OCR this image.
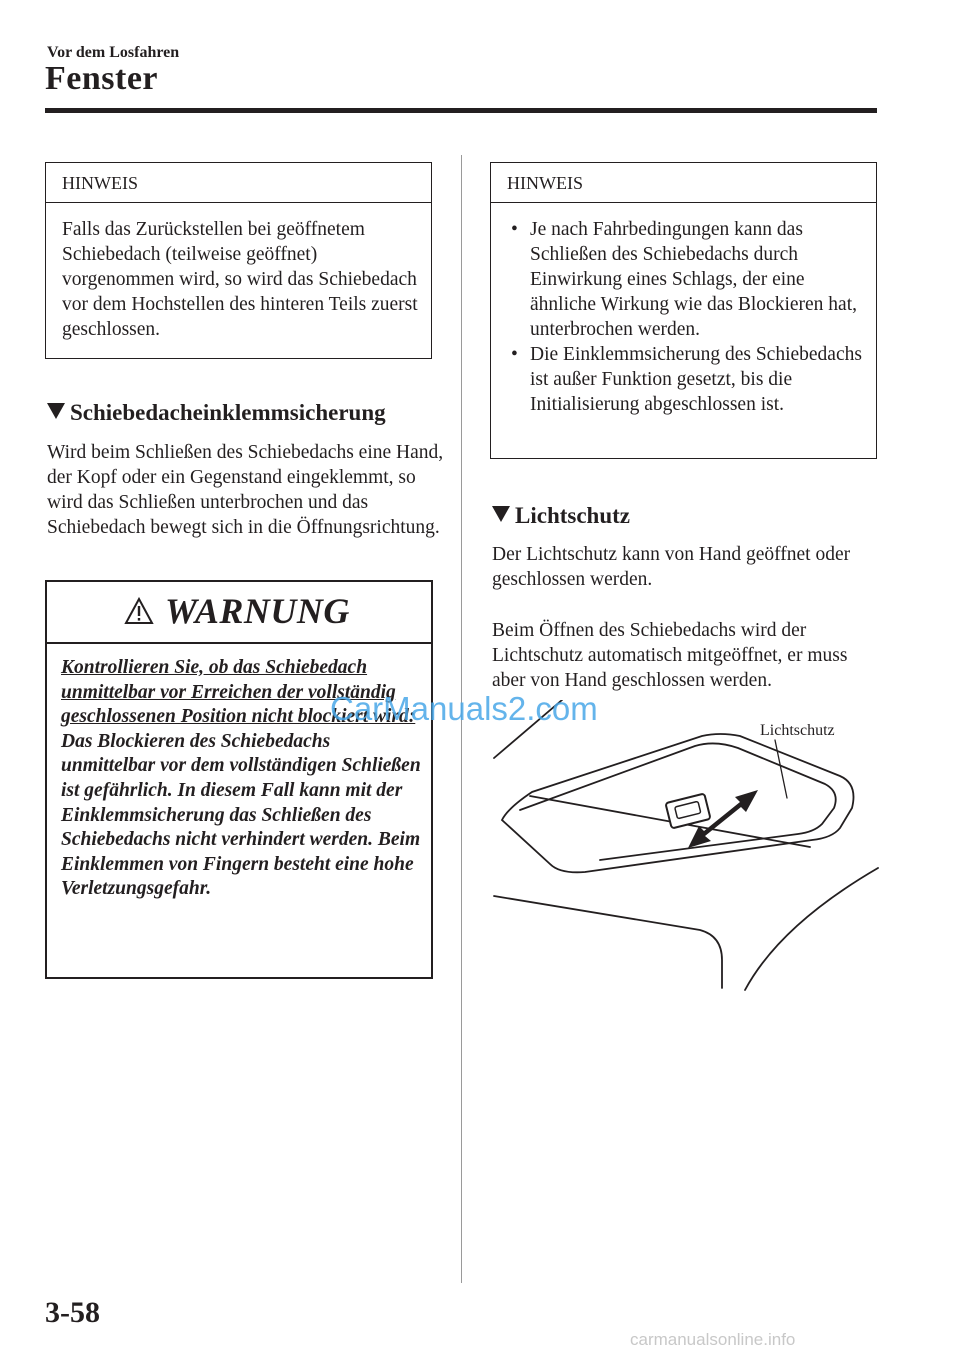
Vor dem Losfahren
Fenster
HINWEIS
Falls das Zurückstellen bei geöffnetem Schiebedach (teilweise geöffnet) vorgenommen wird, so wird das Schiebedach vor dem Hochstellen des hinteren Teils zuerst geschlossen.
Schiebedacheinklemmsicherung
Wird beim Schließen des Schiebedachs eine Hand, der Kopf oder ein Gegenstand eingeklemmt, so wird das Schließen unterbrochen und das Schiebedach bewegt sich in die Öffnungsrichtung.
WARNUNG
Kontrollieren Sie, ob das Schiebedach unmittelbar vor Erreichen der vollständig geschlossenen Position nicht blockiert wird:
Das Blockieren des Schiebedachs unmittelbar vor dem vollständigen Schließen ist gefährlich. In diesem Fall kann mit der Einklemmsicherung das Schließen des Schiebedachs nicht verhindert werden. Beim Einklemmen von Fingern besteht eine hohe Verletzungsgefahr.
HINWEIS
• Je nach Fahrbedingungen kann das Schließen des Schiebedachs durch Einwirkung eines Schlags, der eine ähnliche Wirkung wie das Blockieren hat, unterbrochen werden.
• Die Einklemmsicherung des Schiebedachs ist außer Funktion gesetzt, bis die Initialisierung abgeschlossen ist.
Lichtschutz
Der Lichtschutz kann von Hand geöffnet oder geschlossen werden.
Beim Öffnen des Schiebedachs wird der Lichtschutz automatisch mitgeöffnet, er muss aber von Hand geschlossen werden.
Lichtschutz
CarManuals2.com
3-58
carmanualsonline.info
